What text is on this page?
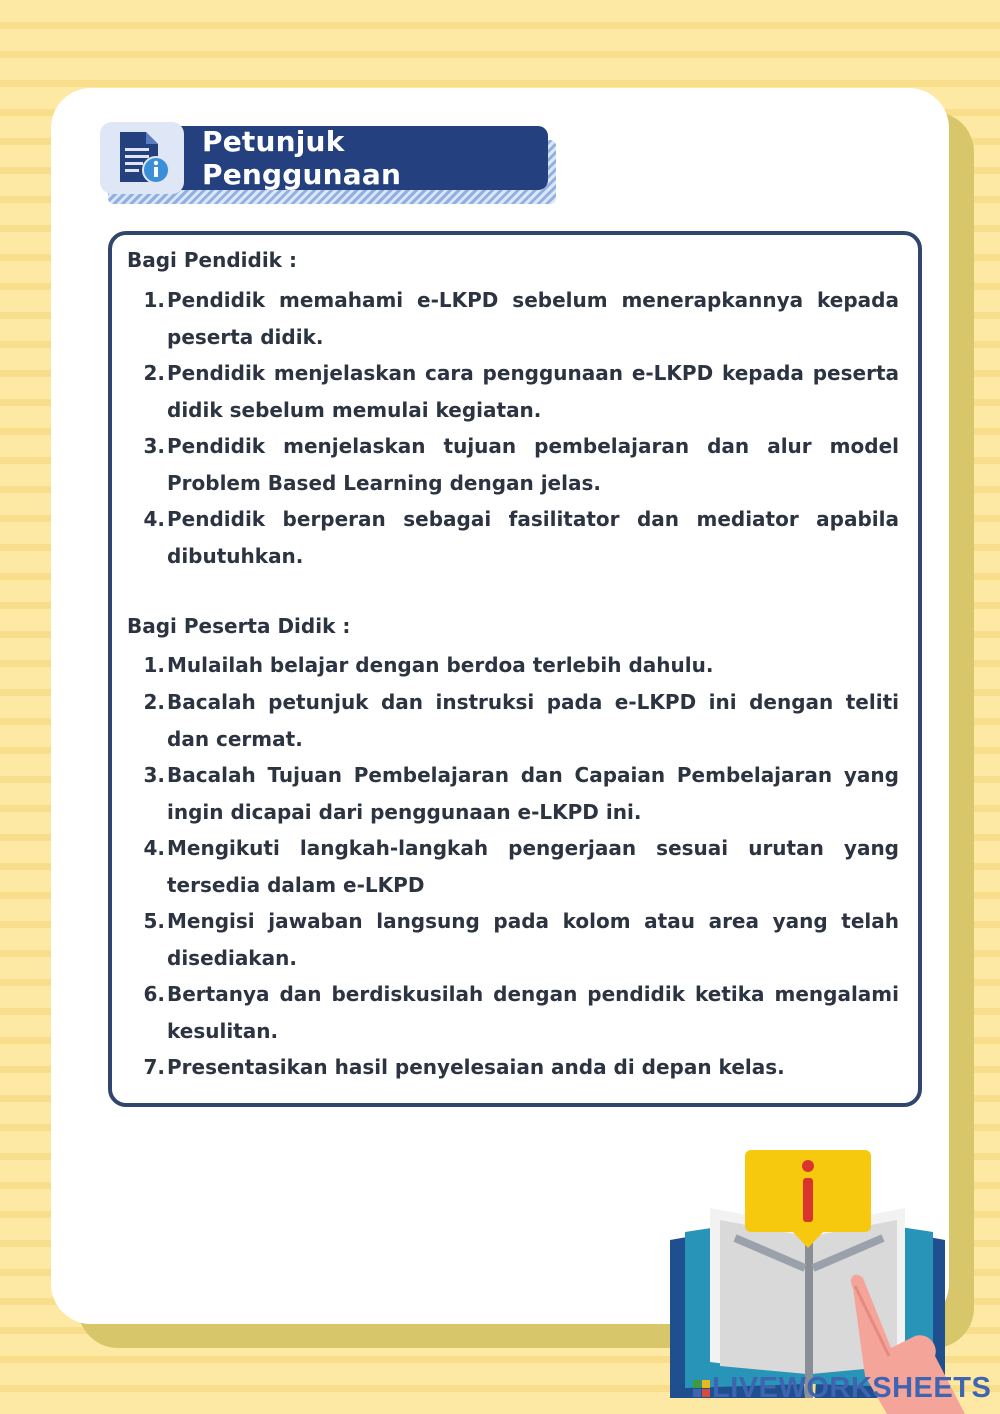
Petunjuk Penggunaan
Bagi Pendidik :
1. Pendidik memahami e-LKPD sebelum menerapkannya kepada peserta didik.
2. Pendidik menjelaskan cara penggunaan e-LKPD kepada peserta didik sebelum memulai kegiatan.
3. Pendidik menjelaskan tujuan pembelajaran dan alur model Problem Based Learning dengan jelas.
4. Pendidik berperan sebagai fasilitator dan mediator apabila dibutuhkan.
Bagi Peserta Didik :
1. Mulailah belajar dengan berdoa terlebih dahulu.
2. Bacalah petunjuk dan instruksi pada e-LKPD ini dengan teliti dan cermat.
3. Bacalah Tujuan Pembelajaran dan Capaian Pembelajaran yang ingin dicapai dari penggunaan e-LKPD ini.
4. Mengikuti langkah-langkah pengerjaan sesuai urutan yang tersedia dalam e-LKPD
5. Mengisi jawaban langsung pada kolom atau area yang telah disediakan.
6. Bertanya dan berdiskusilah dengan pendidik ketika mengalami kesulitan.
7. Presentasikan hasil penyelesaian anda di depan kelas.
LIVEWORKSHEETS
